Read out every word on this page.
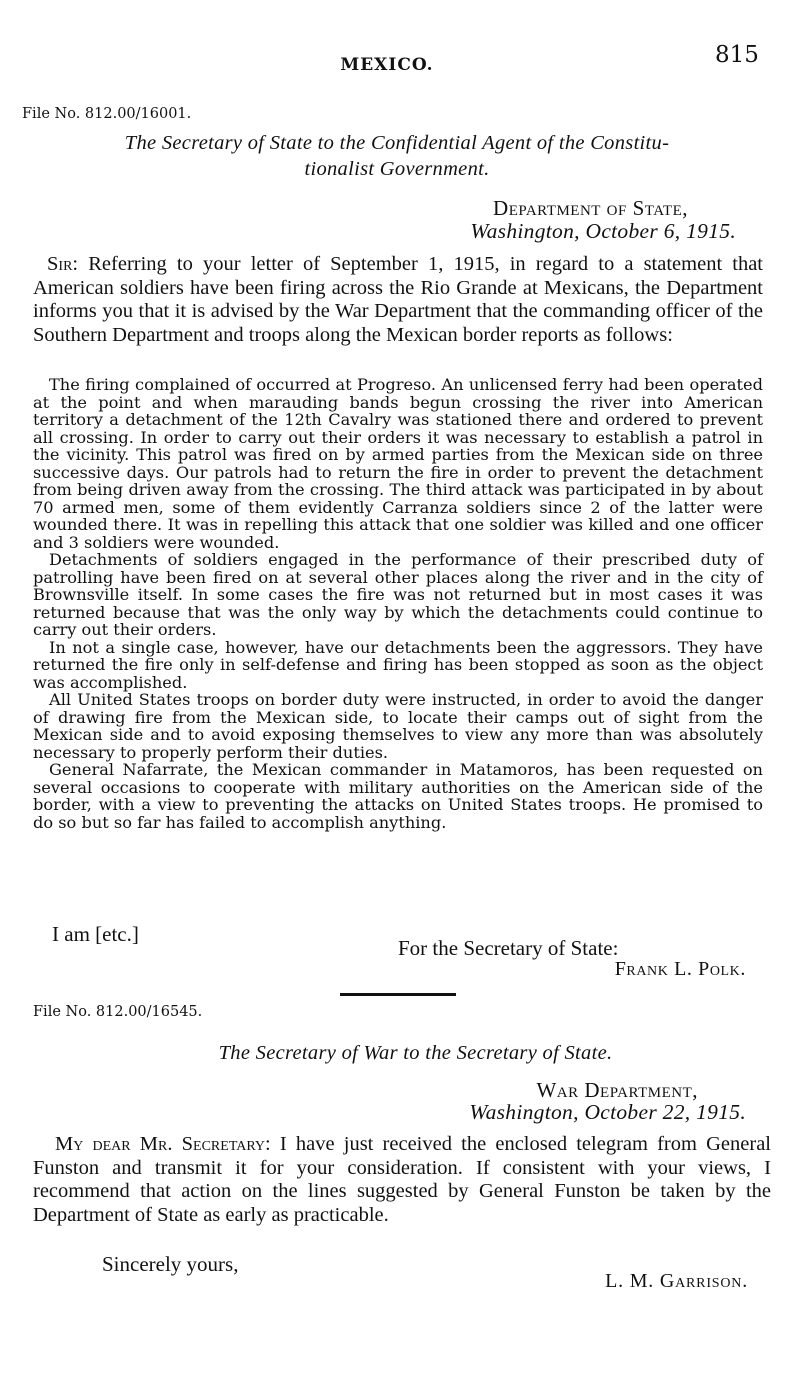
MEXICO.	815
File No. 812.00/16001.
The Secretary of State to the Confidential Agent of the Constitu-
tionalist Government.
Department of State,
Washington, October 6, 1915.
Sir: Referring to your letter of September 1, 1915, in regard to a statement that American soldiers have been firing across the Rio Grande at Mexicans, the Department informs you that it is advised by the War Department that the commanding officer of the Southern Department and troops along the Mexican border reports as follows:

The firing complained of occurred at Progreso. An unlicensed ferry had been operated at the point and when marauding bands begun crossing the river into American territory a detachment of the 12th Cavalry was stationed there and ordered to prevent all crossing. In order to carry out their orders it was necessary to establish a patrol in the vicinity. This patrol was fired on by armed parties from the Mexican side on three successive days. Our patrols had to return the fire in order to prevent the detachment from being driven away from the crossing. The third attack was participated in by about 70 armed men, some of them evidently Carranza soldiers since 2 of the latter were wounded there. It was in repelling this attack that one soldier was killed and one officer and 3 soldiers were wounded.

Detachments of soldiers engaged in the performance of their prescribed duty of patrolling have been fired on at several other places along the river and in the city of Brownsville itself. In some cases the fire was not returned but in most cases it was returned because that was the only way by which the detachments could continue to carry out their orders.

In not a single case, however, have our detachments been the aggressors. They have returned the fire only in self-defense and firing has been stopped as soon as the object was accomplished.

All United States troops on border duty were instructed, in order to avoid the danger of drawing fire from the Mexican side, to locate their camps out of sight from the Mexican side and to avoid exposing themselves to view any more than was absolutely necessary to properly perform their duties.

General Nafarrate, the Mexican commander in Matamoros, has been requested on several occasions to cooperate with military authorities on the American side of the border, with a view to preventing the attacks on United States troops. He promised to do so but so far has failed to accomplish anything.

I am [etc.]
For the Secretary of State:
Frank L. Polk.
File No. 812.00/16545.
The Secretary of War to the Secretary of State.
War Department,
Washington, October 22, 1915.
My dear Mr. Secretary: I have just received the enclosed telegram from General Funston and transmit it for your consideration. If consistent with your views, I recommend that action on the lines suggested by General Funston be taken by the Department of State as early as practicable.
Sincerely yours,
L. M. Garrison.
